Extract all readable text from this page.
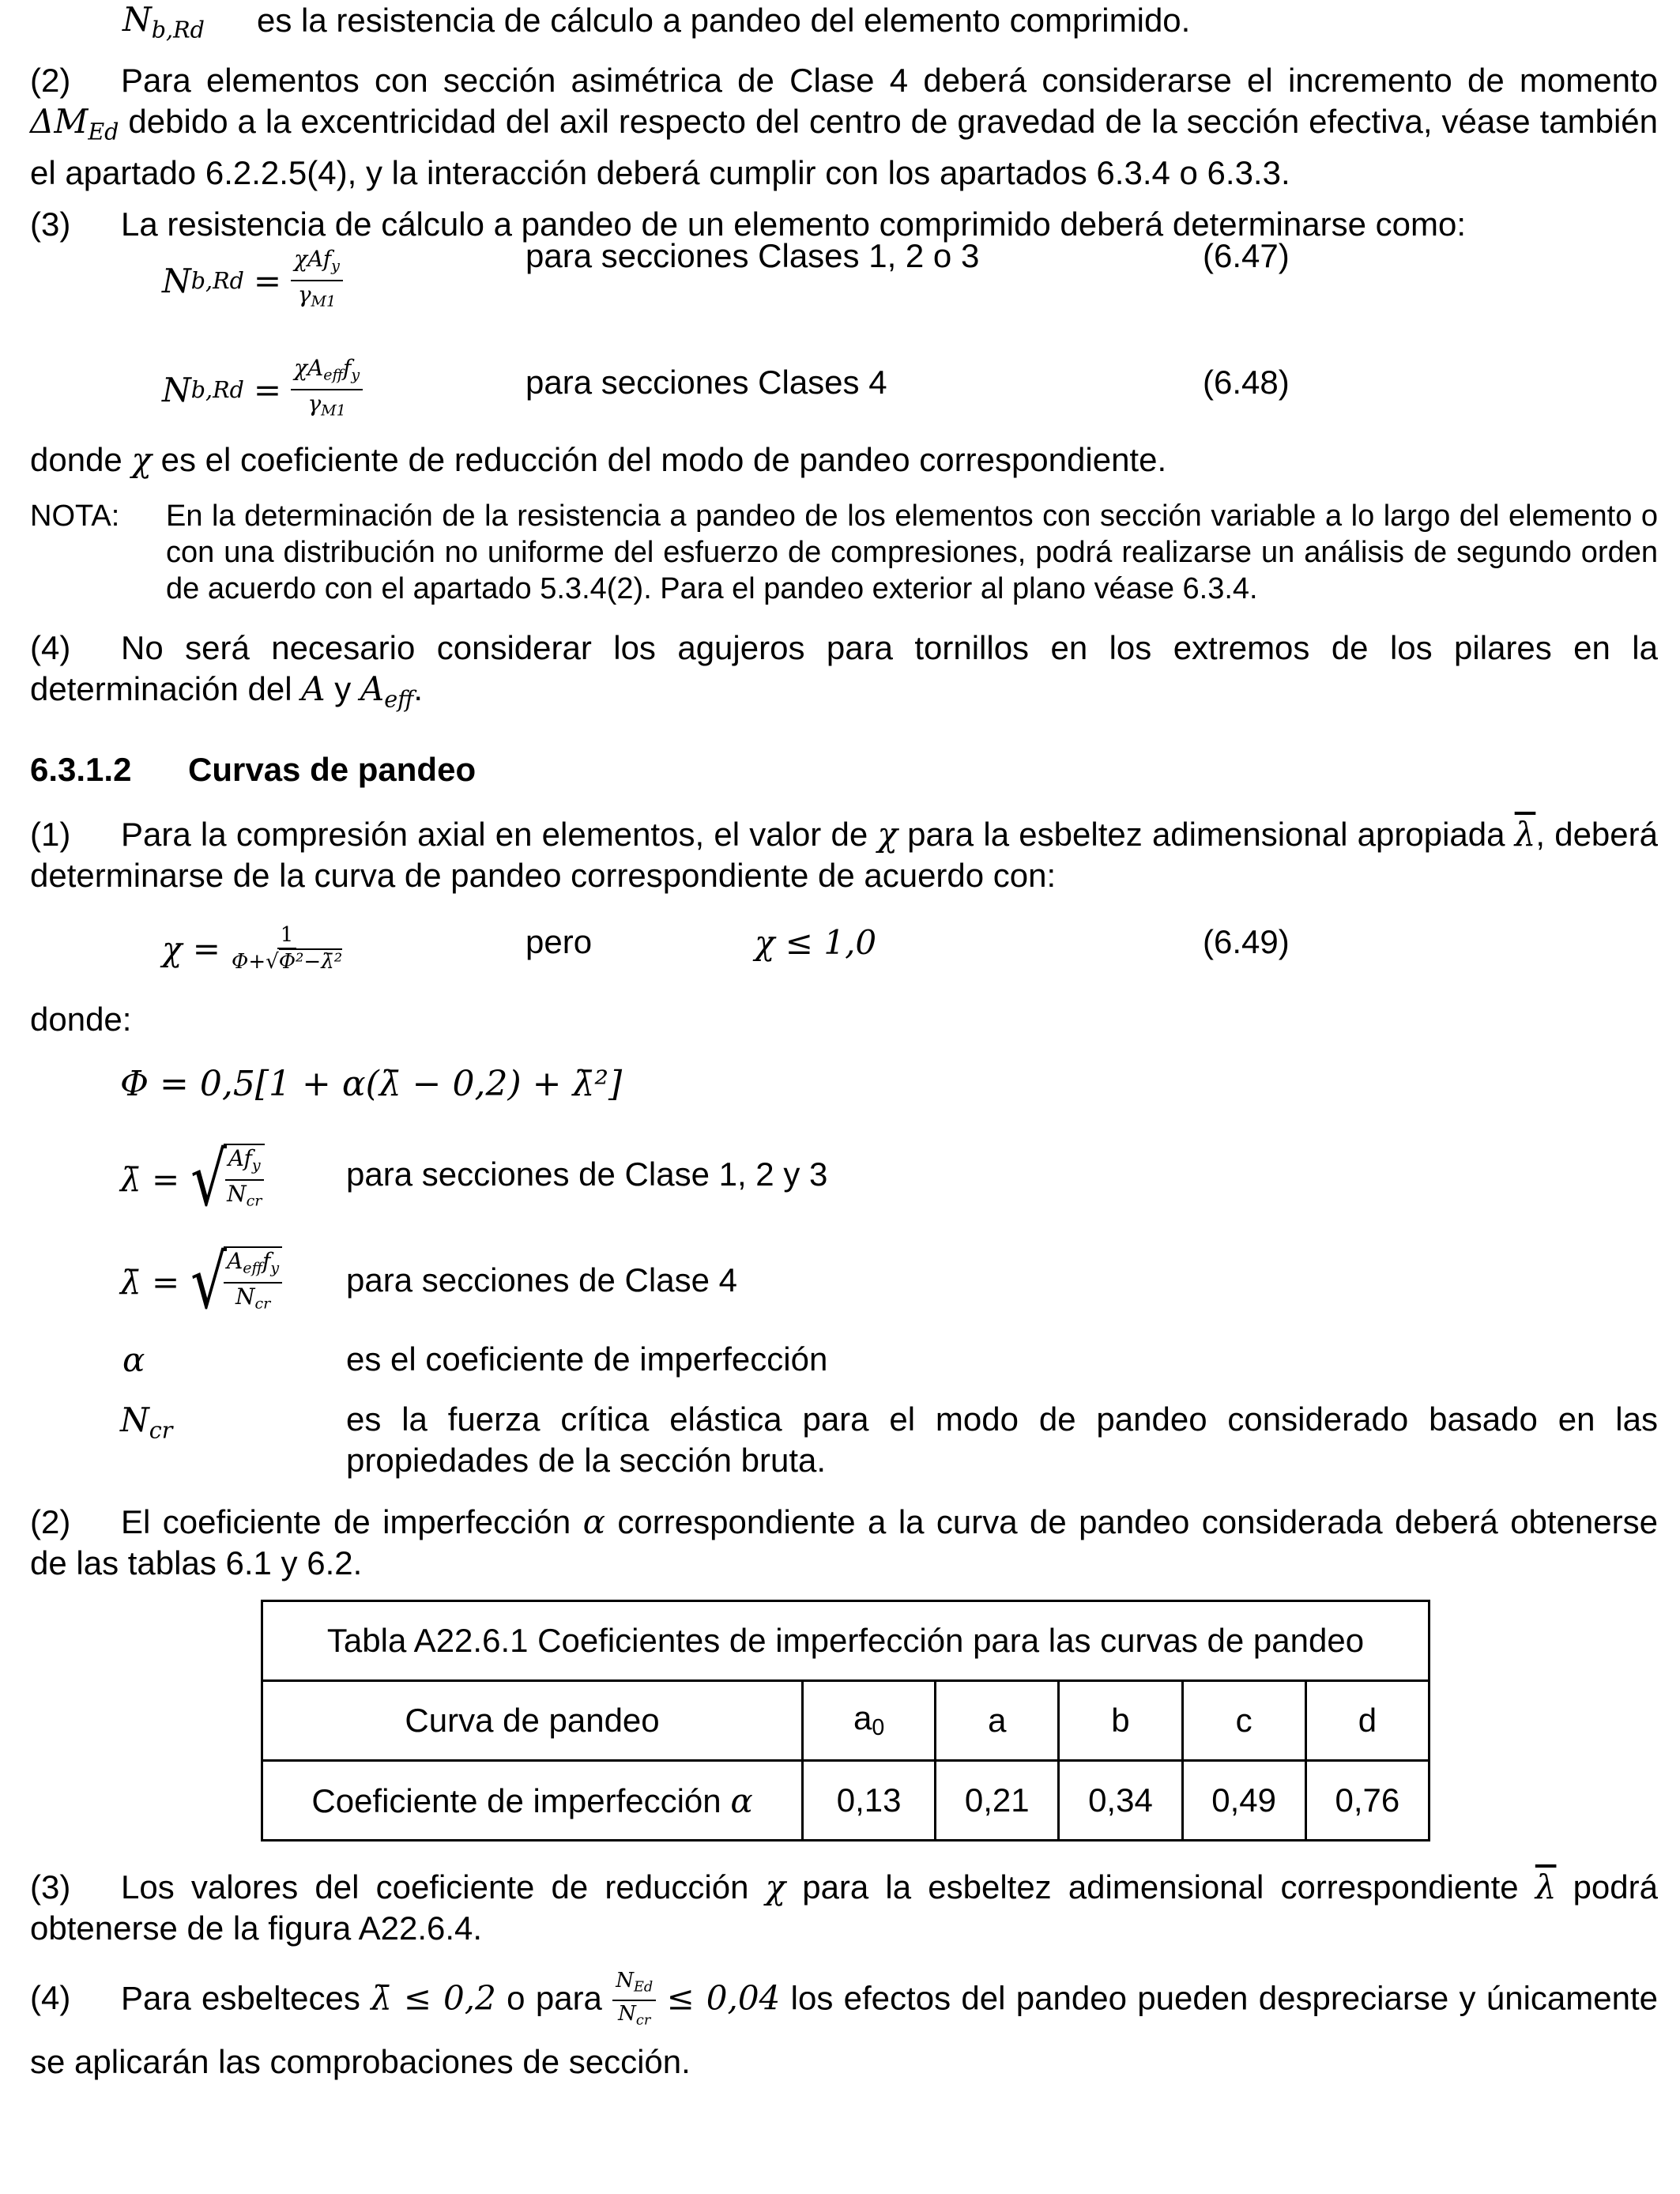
$N_{b,Rd}$ es la resistencia de cálculo a pandeo del elemento comprimido.
(2) Para elementos con sección asimétrica de Clase 4 deberá considerarse el incremento de momento $\Delta M_{Ed}$ debido a la excentricidad del axil respecto del centro de gravedad de la sección efectiva, véase también el apartado 6.2.2.5(4), y la interacción deberá cumplir con los apartados 6.3.4 o 6.3.3.
(3) La resistencia de cálculo a pandeo de un elemento comprimido deberá determinarse como:
N $b,Rd = \frac{\chi Af_y}{\gamma_{M1}}$	para secciones Clases 1, 2 o 3	(6.47)
N $b,Rd = \frac{\chi A_{eff}f_y}{\gamma_{M1}}$	para secciones Clases 4	(6.48)
donde χ es el coeficiente de reducción del modo de pandeo correspondiente.
NOTA: En la determinación de la resistencia a pandeo de los elementos con sección variable a lo largo del elemento o con una distribución no uniforme del esfuerzo de compresiones, podrá realizarse un análisis de segundo orden de acuerdo con el apartado 5.3.4(2). Para el pandeo exterior al plano véase 6.3.4.
(4) No será necesario considerar los agujeros para tornillos en los extremos de los pilares en la determinación del A y $A_{eff}$.
6.3.1.2 Curvas de pandeo
(1) Para la compresión axial en elementos, el valor de χ para la esbeltez adimensional apropiada $\overline{\lambda}$, deberá determinarse de la curva de pandeo correspondiente de acuerdo con:
$\chi = \frac{1}{\text{Φ+√Φ²−λ̄²}}$	pero	χ ≤ 1,0	(6.49)
donde:
Φ = 0,5[1 + α(λ̄ − 0,2) + λ̄²]
λ̄ = √
$\frac{Af_y}{N_{cr}}$ para secciones de Clase 1, 2 y 3
λ̄ = √
$\frac{A_{eff}f_y}{N_{cr}}$ para secciones de Clase 4
α	es el coeficiente de imperfección
$N_{cr}$	es la fuerza crítica elástica para el modo de pandeo considerado basado en las propiedades de la sección bruta.
(2) El coeficiente de imperfección α correspondiente a la curva de pandeo considerada deberá obtenerse de las tablas 6.1 y 6.2.
Tabla A22.6.1 Coeficientes de imperfección para las curvas de pandeo					
Curva de pandeo	a0	a	b	c	d
Coeficiente de imperfección α	0,13	0,21	0,34	0,49	0,76
(3) Los valores del coeficiente de reducción χ para la esbeltez adimensional correspondiente $\overline{\lambda}$ podrá obtenerse de la figura A22.6.4.
(4) Para esbelteces λ̄ ≤ 0,2 o para $\frac{N_{Ed}}{N_{cr}} \le 0,04$ los efectos del pandeo pueden despreciarse y únicamente se aplicarán las comprobaciones de sección.
